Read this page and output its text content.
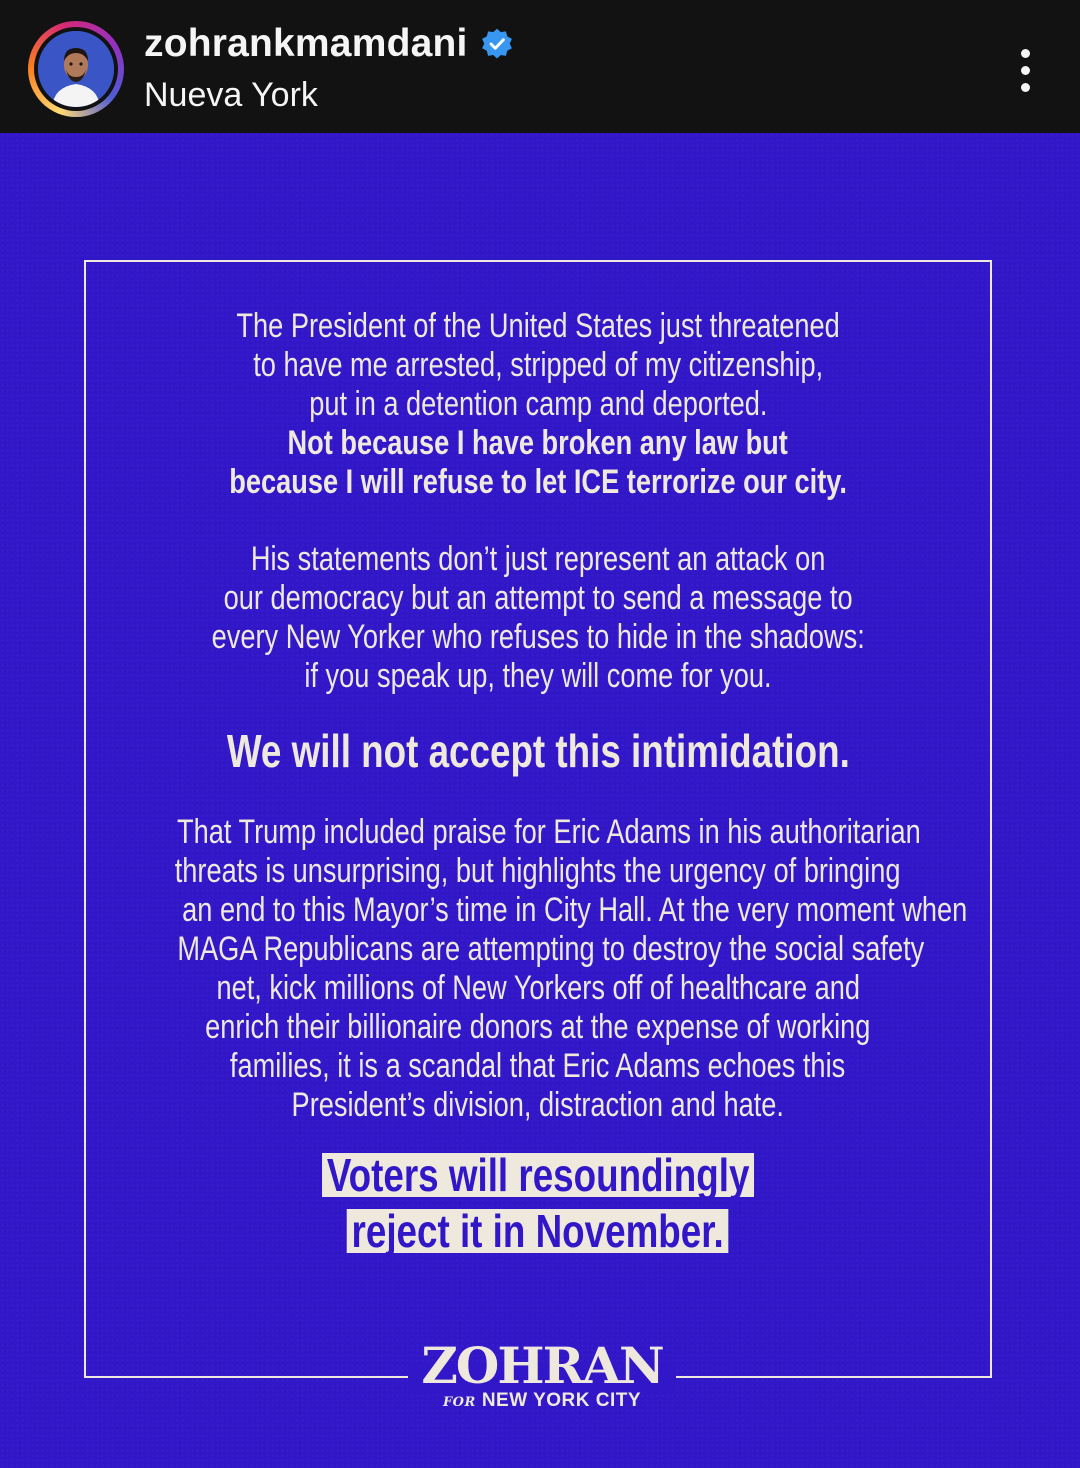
zohrankmamdani
Nueva York
The President of the United States just threatened
to have me arrested, stripped of my citizenship,
put in a detention camp and deported.
Not because I have broken any law but
because I will refuse to let ICE terrorize our city.
His statements don’t just represent an attack on
our democracy but an attempt to send a message to
every New Yorker who refuses to hide in the shadows:
if you speak up, they will come for you.
We will not accept this intimidation.
That Trump included praise for Eric Adams in his authoritarian
threats is unsurprising, but highlights the urgency of bringing
an end to this Mayor’s time in City Hall. At the very moment when
MAGA Republicans are attempting to destroy the social safety
net, kick millions of New Yorkers off of healthcare and
enrich their billionaire donors at the expense of working
families, it is a scandal that Eric Adams echoes this
President’s division, distraction and hate.
Voters will resoundingly
reject it in November.
ZOHRAN
FOR NEW YORK CITY
